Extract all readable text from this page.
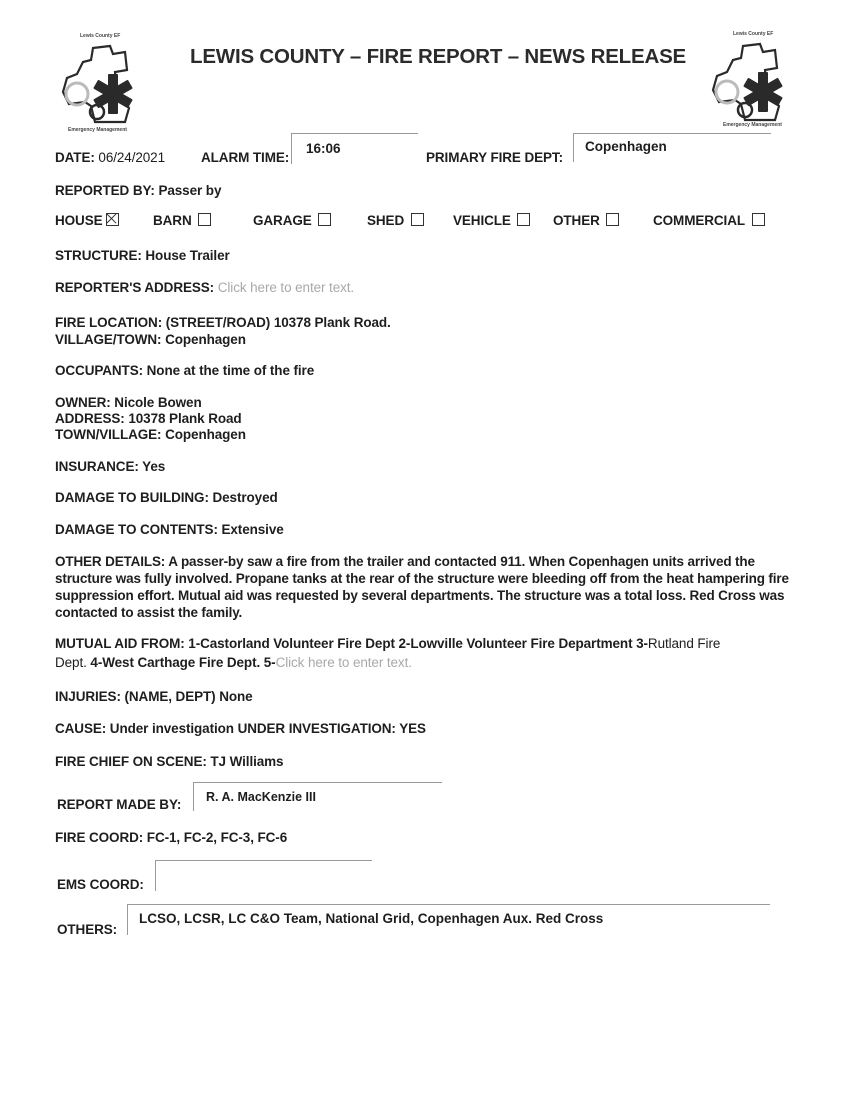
Lewis County EF
Emergency Management
Lewis County EF
Emergency Management
LEWIS COUNTY – FIRE REPORT – NEWS RELEASE
DATE: 06/24/2021	ALARM TIME:
16:06
PRIMARY FIRE DEPT:
Copenhagen
REPORTED BY: Passer by
HOUSE	BARN	GARAGE	SHED	VEHICLE	OTHER	COMMERCIAL
STRUCTURE: House Trailer
REPORTER'S ADDRESS: Click here to enter text.
FIRE LOCATION: (STREET/ROAD) 10378 Plank Road.
VILLAGE/TOWN: Copenhagen
OCCUPANTS: None at the time of the fire
OWNER: Nicole Bowen
ADDRESS: 10378 Plank Road
TOWN/VILLAGE: Copenhagen
INSURANCE: Yes
DAMAGE TO BUILDING: Destroyed
DAMAGE TO CONTENTS: Extensive
OTHER DETAILS: A passer-by saw a fire from the trailer and contacted 911. When Copenhagen units arrived the structure was fully involved. Propane tanks at the rear of the structure were bleeding off from the heat hampering fire suppression effort. Mutual aid was requested by several departments. The structure was a total loss. Red Cross was contacted to assist the family.
MUTUAL AID FROM: 1-Castorland Volunteer Fire Dept 2-Lowville Volunteer Fire Department 3-Rutland Fire
Dept. 4-West Carthage Fire Dept. 5-Click here to enter text.
INJURIES: (NAME, DEPT) None
CAUSE: Under investigation UNDER INVESTIGATION: YES
FIRE CHIEF ON SCENE: TJ Williams
REPORT MADE BY: R. A. MacKenzie III
FIRE COORD: FC-1, FC-2, FC-3, FC-6
EMS COORD:
OTHERS:
LCSO, LCSR, LC C&O Team, National Grid, Copenhagen Aux. Red Cross
